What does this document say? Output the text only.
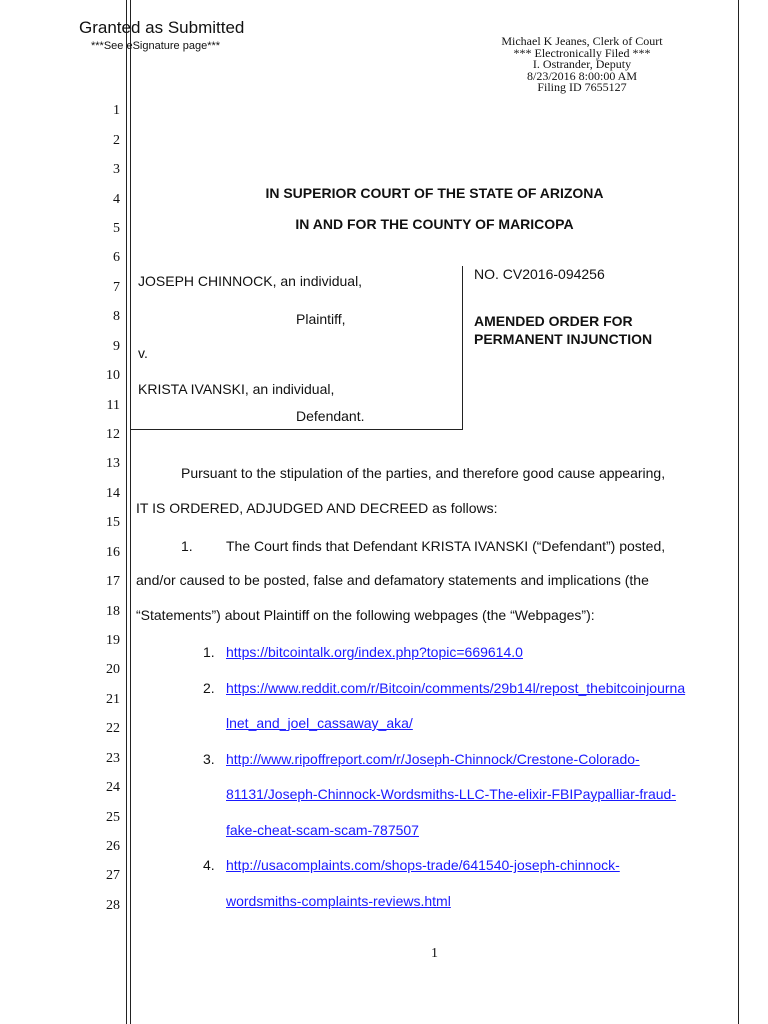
Granted as Submitted
***See eSignature page***	Michael K Jeanes, Clerk of Court
*** Electronically Filed ***
I. Ostrander, Deputy
8/23/2016 8:00:00 AM
Filing ID 7655127
1
2
3
4
5
6
7
8
9
10
11
12
13
14
15
16
17
18
19
20
21
22
23
24
25
26
27
28
IN SUPERIOR COURT OF THE STATE OF ARIZONA
IN AND FOR THE COUNTY OF MARICOPA
JOSEPH CHINNOCK, an individual,
Plaintiff,
v.
KRISTA IVANSKI, an individual,
Defendant.
NO. CV2016-094256
AMENDED ORDER FOR
PERMANENT INJUNCTION
Pursuant to the stipulation of the parties, and therefore good cause appearing,
IT IS ORDERED, ADJUDGED AND DECREED as follows:
1. The Court finds that Defendant KRISTA IVANSKI (“Defendant”) posted,
and/or caused to be posted, false and defamatory statements and implications (the
“Statements”) about Plaintiff on the following webpages (the “Webpages”):
1. https://bitcointalk.org/index.php?topic=669614.0
2. https://www.reddit.com/r/Bitcoin/comments/29b14l/repost_thebitcoinjourna
lnet_and_joel_cassaway_aka/
3. http://www.ripoffreport.com/r/Joseph-Chinnock/Crestone-Colorado-
81131/Joseph-Chinnock-Wordsmiths-LLC-The-elixir-FBIPaypalliar-fraud-
fake-cheat-scam-scam-787507
4. http://usacomplaints.com/shops-trade/641540-joseph-chinnock-
wordsmiths-complaints-reviews.html
1
